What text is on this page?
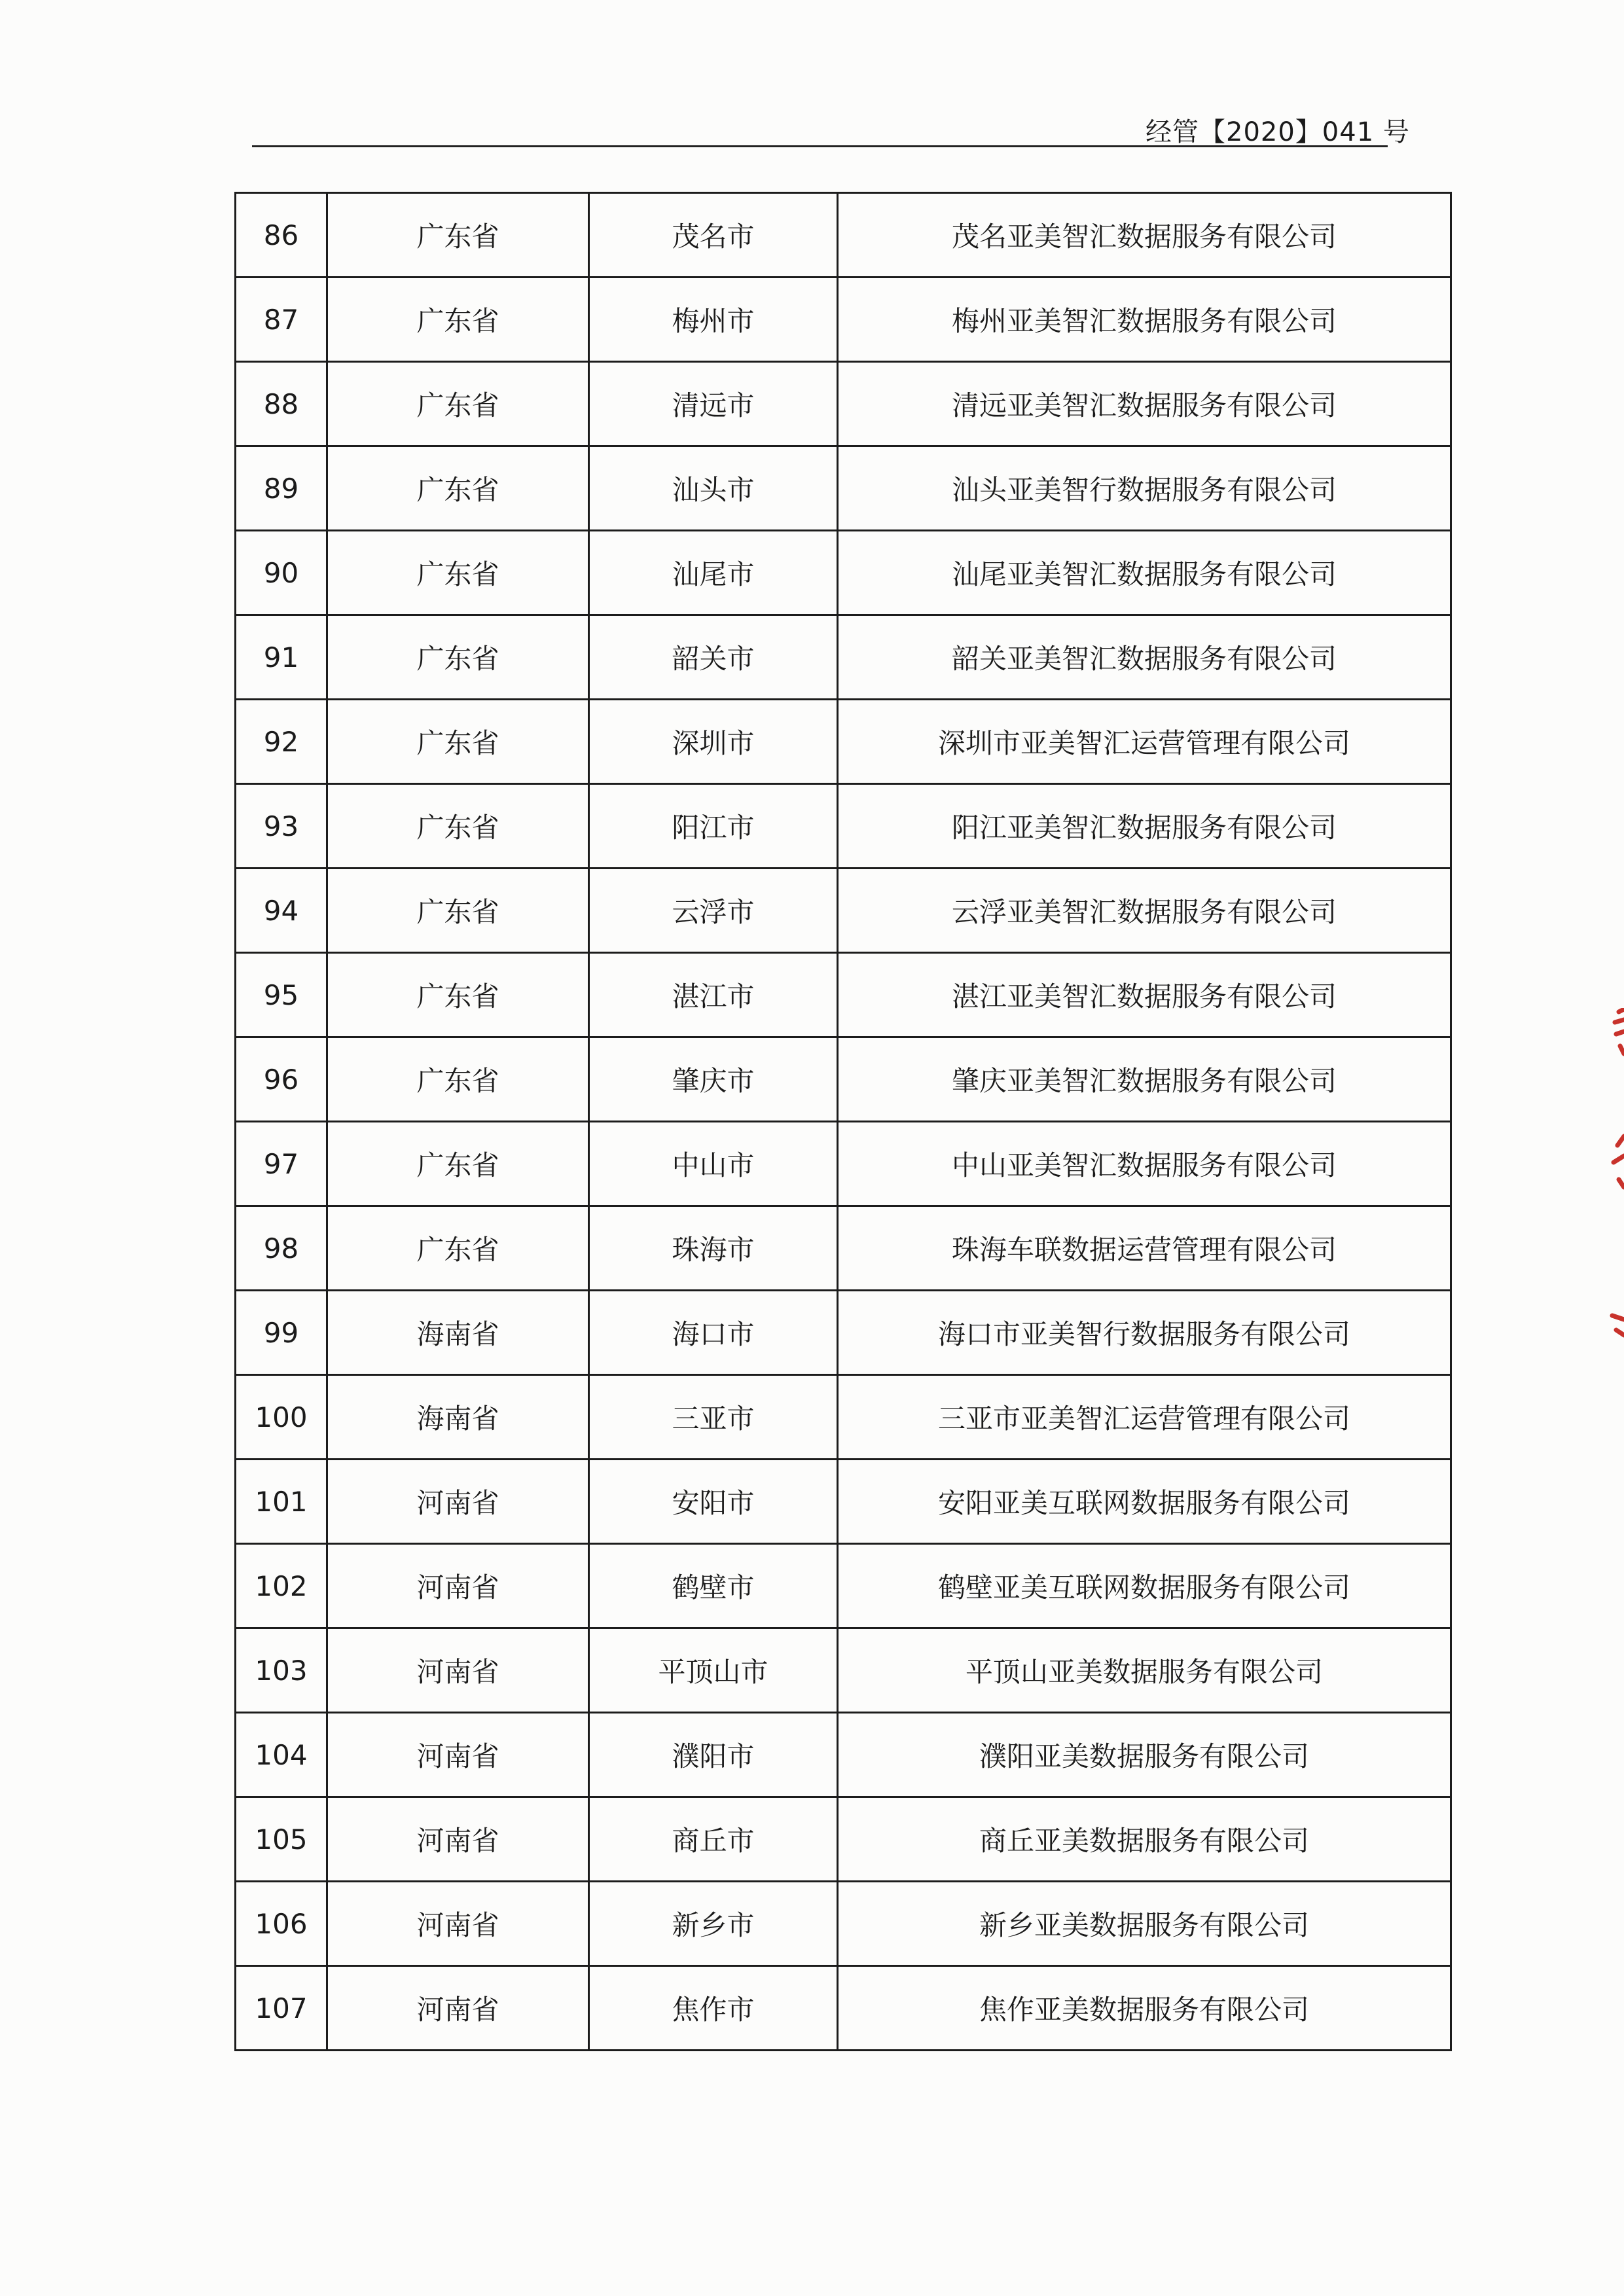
经管【2020】041 号
86	广东省	茂名市	茂名亚美智汇数据服务有限公司
87	广东省	梅州市	梅州亚美智汇数据服务有限公司
88	广东省	清远市	清远亚美智汇数据服务有限公司
89	广东省	汕头市	汕头亚美智行数据服务有限公司
90	广东省	汕尾市	汕尾亚美智汇数据服务有限公司
91	广东省	韶关市	韶关亚美智汇数据服务有限公司
92	广东省	深圳市	深圳市亚美智汇运营管理有限公司
93	广东省	阳江市	阳江亚美智汇数据服务有限公司
94	广东省	云浮市	云浮亚美智汇数据服务有限公司
95	广东省	湛江市	湛江亚美智汇数据服务有限公司
96	广东省	肇庆市	肇庆亚美智汇数据服务有限公司
97	广东省	中山市	中山亚美智汇数据服务有限公司
98	广东省	珠海市	珠海车联数据运营管理有限公司
99	海南省	海口市	海口市亚美智行数据服务有限公司
100	海南省	三亚市	三亚市亚美智汇运营管理有限公司
101	河南省	安阳市	安阳亚美互联网数据服务有限公司
102	河南省	鹤壁市	鹤壁亚美互联网数据服务有限公司
103	河南省	平顶山市	平顶山亚美数据服务有限公司
104	河南省	濮阳市	濮阳亚美数据服务有限公司
105	河南省	商丘市	商丘亚美数据服务有限公司
106	河南省	新乡市	新乡亚美数据服务有限公司
107	河南省	焦作市	焦作亚美数据服务有限公司
